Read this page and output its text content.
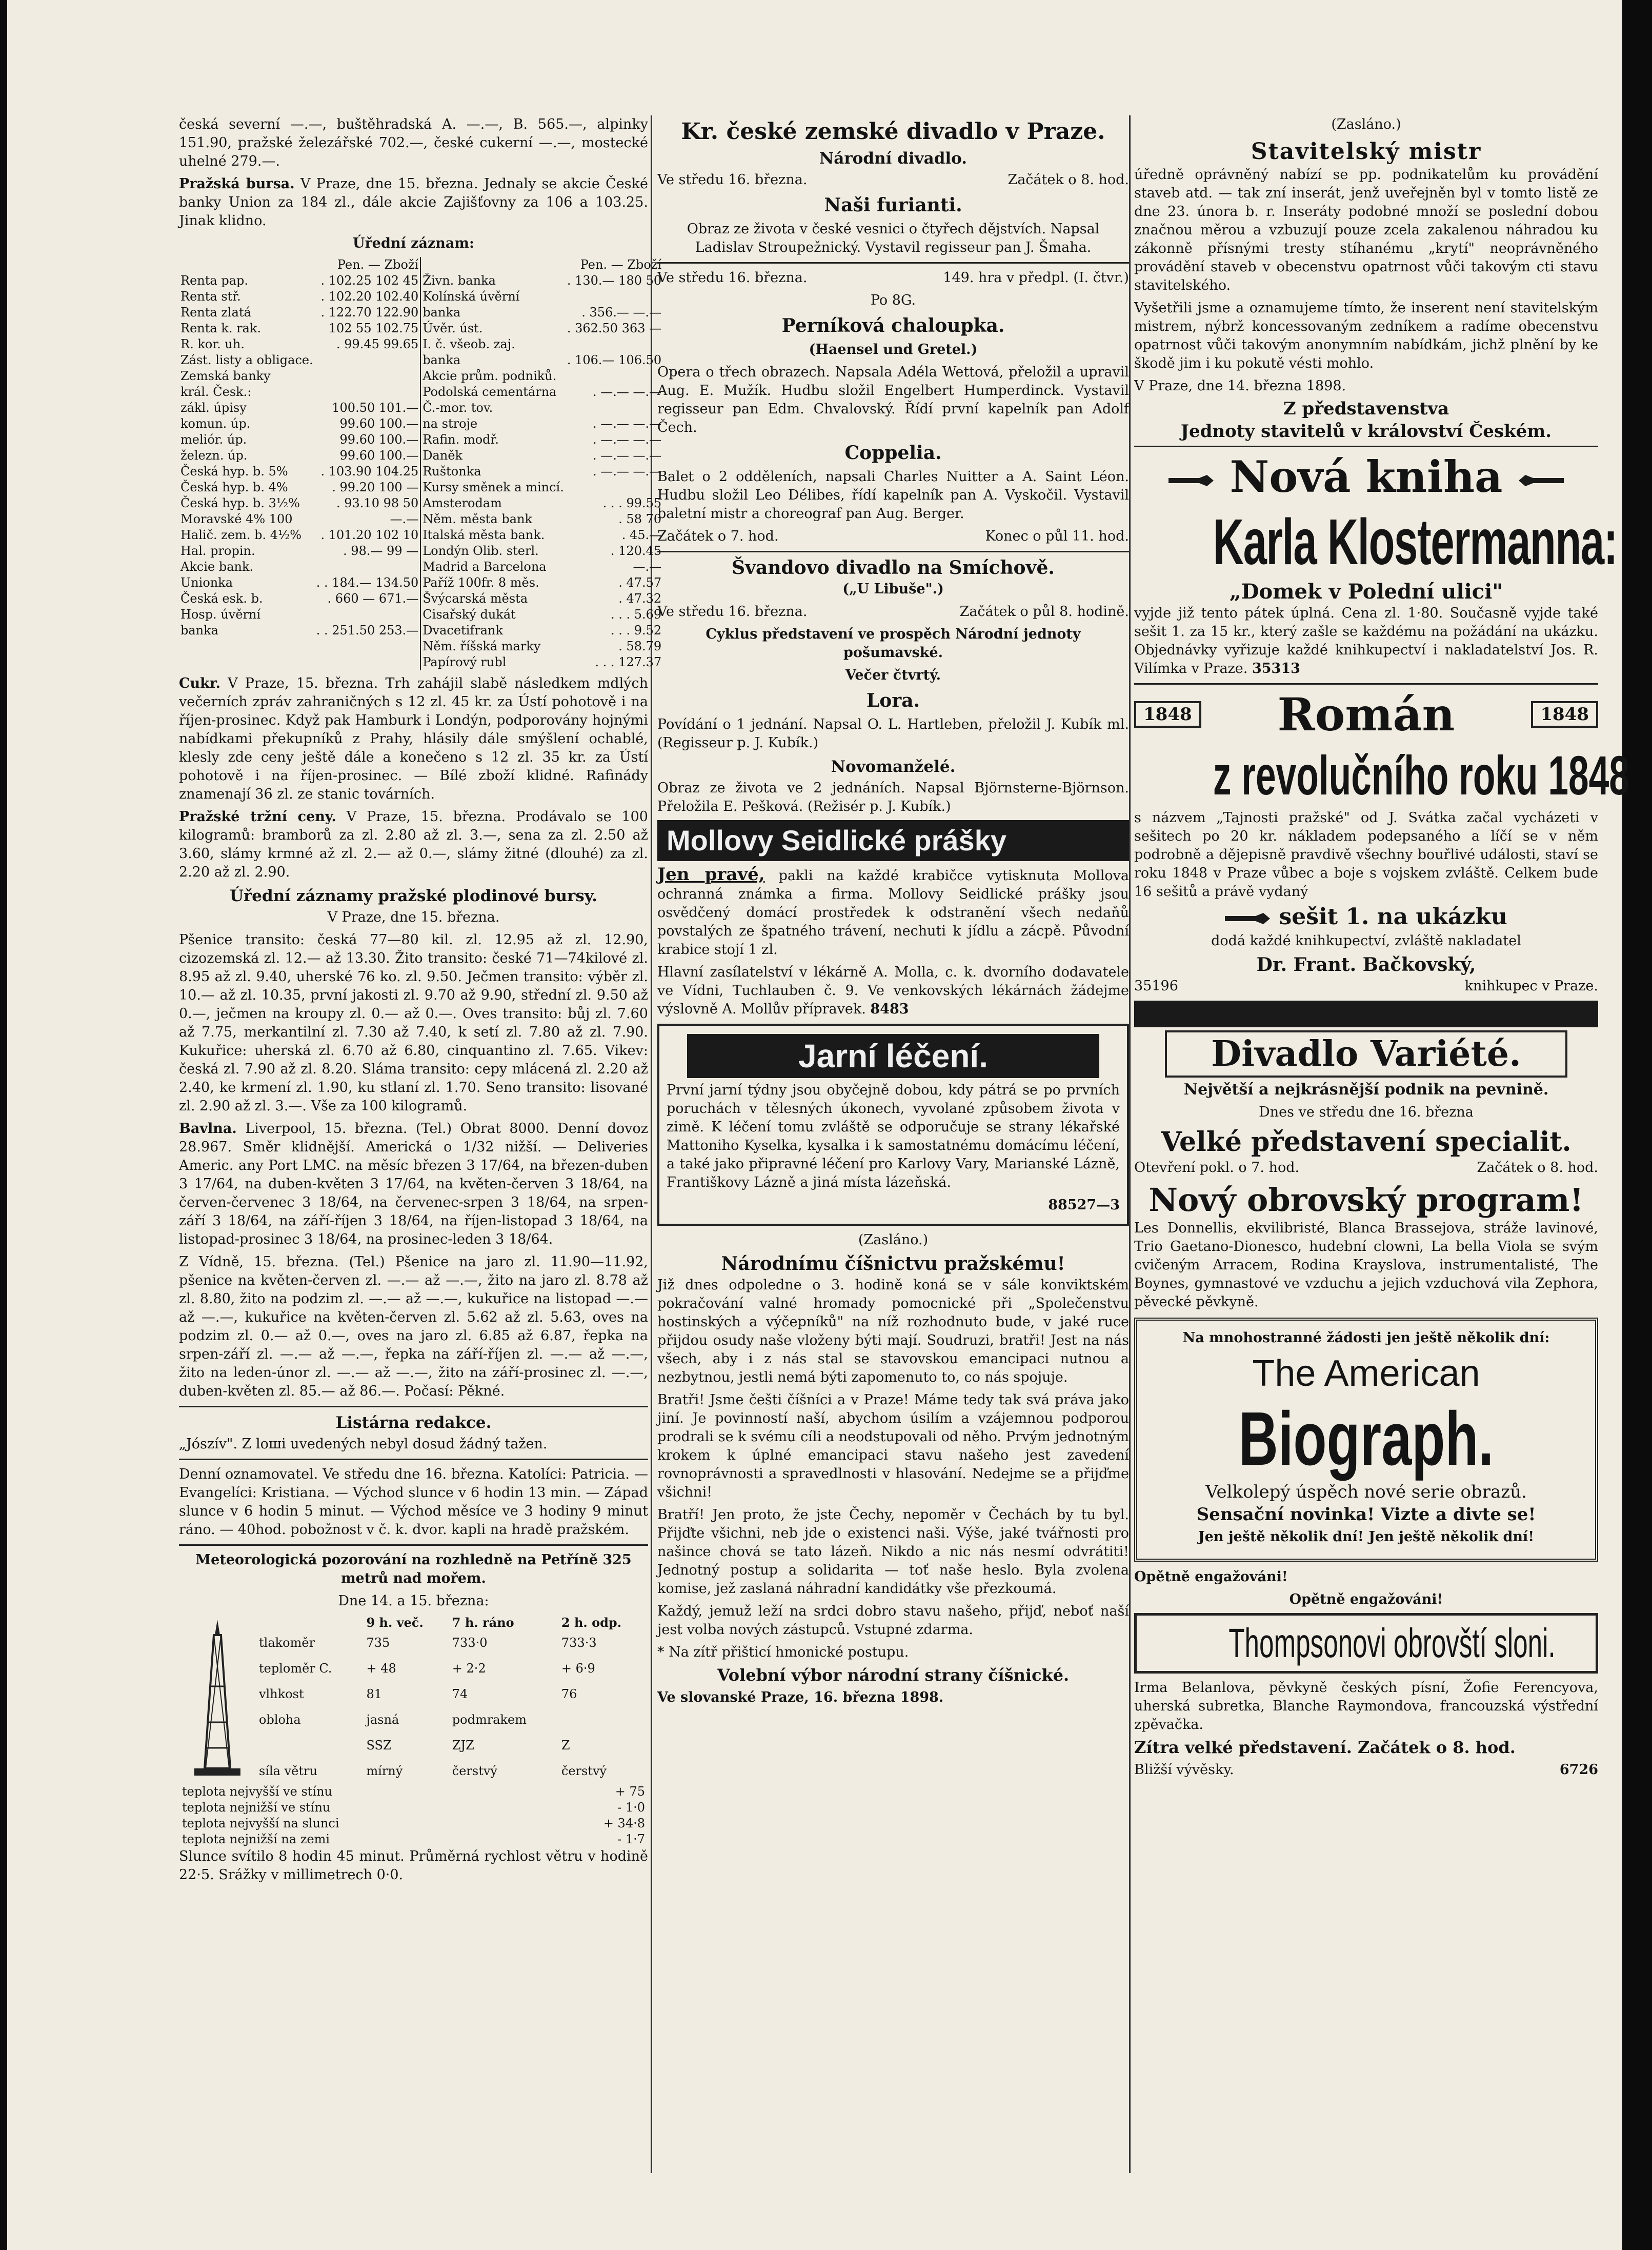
česká severní —.—, buštěhradská A. —.—, B. 565.—, alpinky 151.90, pražské železářské 702.—, české cukerní —.—, mostecké uhelné 279.—.

Pražská bursa. V Praze, dne 15. března. Jednaly se akcie České banky Union za 184 zl., dále akcie Zajišťovny za 106 a 103.25. Jinak klidno.

Úřední záznam:

	Pen. — Zboží		Pen. — Zboží
Renta pap.	. 102.25 102 45	Živn. banka	. 130.— 180 50
Renta stř.	. 102.20 102.40	Kolínská úvěrní	
Renta zlatá	. 122.70 122.90	banka	. 356.— —.—
Renta k. rak.	102 55 102.75	Úvěr. úst.	. 362.50 363 —
R. kor. uh.	. 99.45 99.65	I. č. všeob. zaj.	
Zást. listy a obligace.		banka	. 106.— 106.50
Zemská banky		Akcie prům. podniků.	
král. Česk.:		Podolská cementárna	. —.— —.—
zákl. úpisy	100.50 101.—	Č.-mor. tov.	
komun. úp.	99.60 100.—	na stroje	. —.— —.—
meliór. úp.	99.60 100.—	Rafin. modř.	. —.— —.—
železn. úp.	99.60 100.—	Daněk	. —.— —.—
Česká hyp. b. 5%	. 103.90 104.25	Ruštonka	. —.— —.—
Česká hyp. b. 4%	. 99.20 100 —	Kursy směnek a mincí.	
Česká hyp. b. 3½%	. 93.10 98 50	Amsterodam	. . . 99.55
Moravské 4% 100	—.—	Něm. města bank	. 58 70
Halič. zem. b. 4½%	. 101.20 102 10	Italská města bank.	. 45.—
Hal. propin.	. 98.— 99 —	Londýn Olib. sterl.	. 120.45
Akcie bank.		Madrid a Barcelona	—.—
Unionka	. . 184.— 134.50	Paříž 100fr. 8 měs.	. 47.57
Česká esk. b.	. 660 — 671.—	Švýcarská města	. 47.32
Hosp. úvěrní		Cisařský dukát	. . . 5.69
banka	. . 251.50 253.—	Dvacetifrank	. . . 9.52
		Něm. říšská marky	. 58.79
		Papírový rubl	. . . 127.37

Cukr. V Praze, 15. března. Trh zahájil slabě následkem mdlých večerních zpráv zahraničných s 12 zl. 45 kr. za Ústí pohotově i na říjen-prosinec. Když pak Hamburk i Londýn, podporovány hojnými nabídkami překupníků z Prahy, hlásily dále smýšlení ochablé, klesly zde ceny ještě dále a konečeno s 12 zl. 35 kr. za Ústí pohotově i na říjen-prosinec. — Bílé zboží klidné. Rafinády znamenají 36 zl. ze stanic továrních.

Pražské tržní ceny. V Praze, 15. března. Prodávalo se 100 kilogramů: bramborů za zl. 2.80 až zl. 3.—, sena za zl. 2.50 až 3.60, slámy krmné až zl. 2.— až 0.—, slámy žitné (dlouhé) za zl. 2.20 až zl. 2.90.

Úřední záznamy pražské plodinové bursy.

V Praze, dne 15. března.

Pšenice transito: česká 77—80 kil. zl. 12.95 až zl. 12.90, cizozemská zl. 12.— až 13.30. Žito transito: české 71—74kilové zl. 8.95 až zl. 9.40, uherské 76 ko. zl. 9.50. Ječmen transito: výběr zl. 10.— až zl. 10.35, první jakosti zl. 9.70 až 9.90, střední zl. 9.50 až 0.—, ječmen na kroupy zl. 0.— až 0.—. Oves transito: bůj zl. 7.60 až 7.75, merkantilní zl. 7.30 až 7.40, k setí zl. 7.80 až zl. 7.90. Kukuřice: uherská zl. 6.70 až 6.80, cinquantino zl. 7.65. Vikev: česká zl. 7.90 až zl. 8.20. Sláma transito: cepy mlácená zl. 2.20 až 2.40, ke krmení zl. 1.90, ku stlaní zl. 1.70. Seno transito: lisované zl. 2.90 až zl. 3.—. Vše za 100 kilogramů.

Bavlna. Liverpool, 15. března. (Tel.) Obrat 8000. Denní dovoz 28.967. Směr klidnější. Americká o 1/32 nižší. — Deliveries Americ. any Port LMC. na měsíc březen 3 17/64, na březen-duben 3 17/64, na duben-květen 3 17/64, na květen-červen 3 18/64, na červen-červenec 3 18/64, na červenec-srpen 3 18/64, na srpen-září 3 18/64, na září-říjen 3 18/64, na říjen-listopad 3 18/64, na listopad-prosinec 3 18/64, na prosinec-leden 3 18/64.

Z Vídně, 15. března. (Tel.) Pšenice na jaro zl. 11.90—11.92, pšenice na květen-červen zl. —.— až —.—, žito na jaro zl. 8.78 až zl. 8.80, žito na podzim zl. —.— až —.—, kukuřice na listopad —.— až —.—, kukuřice na květen-červen zl. 5.62 až zl. 5.63, oves na podzim zl. 0.— až 0.—, oves na jaro zl. 6.85 až 6.87, řepka na srpen-září zl. —.— až —.—, řepka na září-říjen zl. —.— až —.—, žito na leden-únor zl. —.— až —.—, žito na září-prosinec zl. —.—, duben-květen zl. 85.— až 86.—. Počasí: Pěkné.

Listárna redakce.

„Jószív". Z loші uvedených nebyl dosud žádný tažen.

Denní oznamovatel. Ve středu dne 16. března. Katolíci: Patricia. — Evangelíci: Kristiana. — Východ slunce v 6 hodin 13 min. — Západ slunce v 6 hodin 5 minut. — Východ měsíce ve 3 hodiny 9 minut ráno. — 40hod. pobožnost v č. k. dvor. kapli na hradě pražském.

Meteorologická pozorování na rozhledně na Petříně 325 metrů nad mořem.

Dne 14. a 15. března:

	9 h. več.	7 h. ráno	2 h. odp.
tlakoměr	735	733·0	733·3
teploměr C.	+ 48	+ 2·2	+ 6·9
vlhkost	81	74	76
obloha	jasná	podmrakem	
	SSZ	ZJZ	Z
síla větru	mírný	čerstvý	čerstvý
teplota nejvyšší ve stínu	+ 75
teplota nejnižší ve stínu	- 1·0
teplota nejvyšší na slunci	+ 34·8
teplota nejnižší na zemi	- 1·7

Slunce svítilo 8 hodin 45 minut. Průměrná rychlost větru v hodině 22·5. Srážky v millimetrech 0·0.

Kr. české zemské divadlo v Praze.

Národní divadlo.

Ve středu 16. března.	Začátek o 8. hod.

Naši furianti.

Obraz ze života v české vesnici o čtyřech dějstvích. Napsal Ladislav Stroupežnický. Vystavil regisseur pan J. Šmaha.

Ve středu 16. března.	149. hra v předpl. (I. čtvr.)

Po 8G.

Perníková chaloupka.

(Haensel und Gretel.)

Opera o třech obrazech. Napsala Adéla Wettová, přeložil a upravil Aug. E. Mužík. Hudbu složil Engelbert Humperdinck. Vystavil regisseur pan Edm. Chvalovský. Řídí první kapelník pan Adolf Čech.

Coppelia.

Balet o 2 odděleních, napsali Charles Nuitter a A. Saint Léon. Hudbu složil Leo Délibes, řídí kapelník pan A. Vyskočil. Vystavil baletní mistr a choreograf pan Aug. Berger.

Začátek o 7. hod.	Konec o půl 11. hod.

Švandovo divadlo na Smíchově.

(„U Libuše".)

Ve středu 16. března.	Začátek o půl 8. hodině.

Cyklus představení ve prospěch Národní jednoty pošumavské.

Večer čtvrtý.

Lora.

Povídání o 1 jednání. Napsal O. L. Hartleben, přeložil J. Kubík ml. (Regisseur p. J. Kubík.)

Novomanželé.

Obraz ze života ve 2 jednáních. Napsal Björnsterne-Björnson. Přeložila E. Pešková. (Režisér p. J. Kubík.)

Mollovy Seidlické prášky

Jen pravé, pakli na každé krabičce vytisknuta Mollova ochranná známka a firma. Mollovy Seidlické prášky jsou osvědčený domácí prostředek k odstranění všech nedaňů povstalých ze špatného trávení, nechuti k jídlu a zácpě. Původní krabice stojí 1 zl.

Hlavní zasílatelství v lékárně A. Molla, c. k. dvorního dodavatele ve Vídni, Tuchlauben č. 9. Ve venkovských lékárnách žádejme výslovně A. Mollův přípravek. 8483

Jarní léčení.

První jarní týdny jsou obyčejně dobou, kdy pátrá se po prvních poruchách v tělesných úkonech, vyvolané způsobem života v zimě. K léčení tomu zvláště se odporučuje se strany lékařské Mattoniho Kyselka, kysalka i k samostatnému domácímu léčení, a také jako připravné léčení pro Karlovy Vary, Marianské Lázně, Františkovy Lázně a jiná místa lázeňská.

88527—3

(Zasláno.)

Národnímu číšnictvu pražskému!

Již dnes odpoledne o 3. hodině koná se v sále konviktském pokračování valné hromady pomocnické při „Společenstvu hostinských a výčepníků" na níž rozhodnuto bude, v jaké ruce přijdou osudy naše vloženy býti mají. Soudruzi, bratři! Jest na nás všech, aby i z nás stal se stavovskou emancipaci nutnou a nezbytnou, jestli nemá býti zapomenuto to, co nás spojuje.

Bratři! Jsme češti číšníci a v Praze! Máme tedy tak svá práva jako jiní. Je povinností naší, abychom úsilím a vzájemnou podporou prodrali se k svému cíli a neodstupovali od něho. Prvým jednotným krokem k úplné emancipaci stavu našeho jest zavedení rovnoprávnosti a spravedlnosti v hlasování. Nedejme se a přijďme všichni!

Bratří! Jen proto, že jste Čechy, nepoměr v Čechách by tu byl. Přijďte všichni, neb jde o existenci naši. Výše, jaké tvářnosti pro našince chová se tato lázeň. Nikdo a nic nás nesmí odvrátiti! Jednotný postup a solidarita — toť naše heslo. Byla zvolena komise, jež zaslaná náhradní kandidátky vše přezkoumá.

Každý, jemuž leží na srdci dobro stavu našeho, přijď, neboť naší jest volba nových zástupců. Vstupné zdarma.

* Na zítř přišticí hmonické postupu.

Volební výbor národní strany číšnické.

Ve slovanské Praze, 16. března 1898.

(Zasláno.)

Stavitelský mistr

úředně oprávněný nabízí se pp. podnikatelům ku provádění staveb atd. — tak zní inserát, jenž uveřejněn byl v tomto listě ze dne 23. února b. r. Inseráty podobné množí se poslední dobou značnou měrou a vzbuzují pouze zcela zakalenou náhradou ku zákonně přísnými tresty stíhanému „krytí" neoprávněného provádění staveb v obecenstvu opatrnost vůči takovým cti stavu stavitelského.

Vyšetřili jsme a oznamujeme tímto, že inserent není stavitelským mistrem, nýbrž koncessovaným zedníkem a radíme obecenstvu opatrnost vůči takovým anonymním nabídkám, jichž plnění by ke škodě jim i ku pokutě vésti mohlo.

V Praze, dne 14. března 1898.

Z představenstva

Jednoty stavitelů v království Českém.

Nová kniha
Karla Klostermanna:

„Domek v Polední ulici"

vyjde již tento pátek úplná. Cena zl. 1·80. Současně vyjde také sešit 1. za 15 kr., který zašle se každému na požádání na ukázku. Objednávky vyřizuje každé knihkupectví i nakladatelství Jos. R. Vilímka v Praze. 35313

1848 Román	1848
z revolučního roku 1848

s názvem „Tajnosti pražské" od J. Svátka začal vycházeti v sešitech po 20 kr. nákladem podepsaného a líčí se v něm podrobně a dějepisně pravdivě všechny bouřlivé události, staví se roku 1848 v Praze vůbec a boje s vojskem zvláště. Celkem bude 16 sešitů a právě vydaný

sešit 1. na ukázku

dodá každé knihkupectví, zvláště nakladatel

Dr. Frant. Bačkovský,

35196	knihkupec v Praze.

Divadlo Variété.

Největší a nejkrásnější podnik na pevnině.

Dnes ve středu dne 16. března

Velké představení specialit.

Otevření pokl. o 7. hod.	Začátek o 8. hod.

Nový obrovský program!

Les Donnellis, ekvilibristé, Blanca Brassejova, stráže lavinové, Trio Gaetano-Dionesco, hudební clowni, La bella Viola se svým cvičeným Arracem, Rodina Krayslova, instrumentalisté, The Boynes, gymnastové ve vzduchu a jejich vzduchová vila Zephora, pěvecké pěvkyně.

Na mnohostranné žádosti jen ještě několik dní:

The American
Biograph.

Velkolepý úspěch nové serie obrazů.

Sensační novinka! Vizte a divte se!

Jen ještě několik dní! Jen ještě několik dní!

Opětně engažováni!

Opětně engažováni!

Thompsonovi obrovští sloni.

Irma Belanlova, pěvkyně českých písní, Žofie Ferencyova, uherská subretka, Blanche Raymondova, francouzská výstřední zpěvačka.

Zítra velké představení. Začátek o 8. hod.

Bližší vývěsky.	6726
